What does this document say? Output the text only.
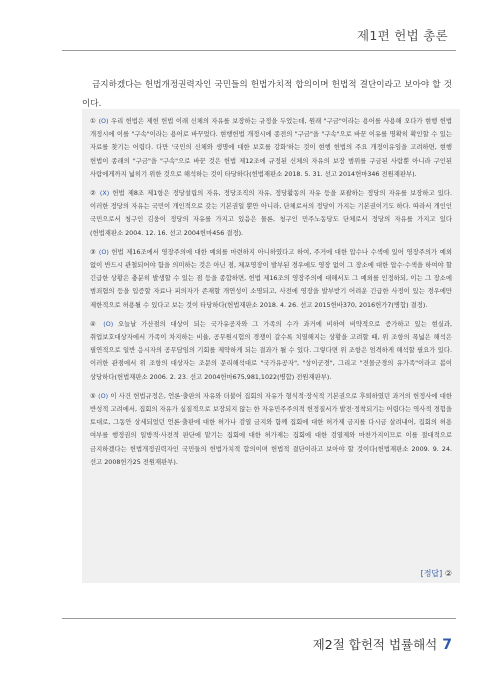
제1편 헌법 총론

금지하겠다는 헌법개정권력자인 국민들의 헌법가치적 합의이며 헌법적 결단이라고 보아야 할 것이다.

① (O) 우리 헌법은 제헌 헌법 이래 신체의 자유를 보장하는 규정을 두었는데, 원래 "구금"이라는 용어를 사용해 오다가 현행 헌법 개정시에 이를 "구속"이라는 용어로 바꾸었다. 현행헌법 개정시에 종전의 "구금"을 "구속"으로 바꾼 이유를 명확히 확인할 수 있는 자료를 찾기는 어렵다. 다만 '국민의 신체와 생명에 대한 보호를 강화'하는 것이 현행 헌법의 주요 개정이유임을 고려하면, 현행 헌법이 종래의 "구금"을 "구속"으로 바꾼 것은 헌법 제12조에 규정된 신체의 자유의 보장 범위를 구금된 사람뿐 아니라 구인된 사람에게까지 넓히기 위한 것으로 해석하는 것이 타당하다(헌법재판소 2018. 5. 31. 선고 2014헌마346 전원재판부).

② (X) 헌법 제8조 제1항은 정당설립의 자유, 정당조직의 자유, 정당활동의 자유 등을 포괄하는 정당의 자유를 보장하고 있다. 이러한 정당의 자유는 국민이 개인적으로 갖는 기본권일 뿐만 아니라, 단체로서의 정당이 가지는 기본권이기도 하다. 따라서 개인인 국민으로서 청구인 김웅이 정당의 자유를 가지고 있음은 물론, 청구인 민주노동당도 단체로서 정당의 자유를 가지고 있다(헌법재판소 2004. 12. 16. 선고 2004헌마456 결정).

③ (O) 헌법 제16조에서 영장주의에 대한 예외를 마련하지 아니하였다고 하여, 주거에 대한 압수나 수색에 있어 영장주의가 예외 없이 반드시 관철되어야 함을 의미하는 것은 아닌 점, 체포영장이 발부된 경우에도 영장 없이 그 장소에 대한 압수·수색을 하여야 할 긴급한 상황은 충분히 발생할 수 있는 점 등을 종합하면, 헌법 제16조의 영장주의에 대해서도 그 예외를 인정하되, 이는 그 장소에 범죄혐의 등을 입증할 자료나 피의자가 존재할 개연성이 소명되고, 사전에 영장을 발부받기 어려운 긴급한 사정이 있는 경우에만 제한적으로 허용될 수 있다고 보는 것이 타당하다(헌법재판소 2018. 4. 26. 선고 2015헌바370, 2016헌가7(병합) 결정).

④ (O) 오늘날 가산점의 대상이 되는 국가유공자와 그 가족의 수가 과거에 비하여 비약적으로 증가하고 있는 현실과, 취업보호대상자에서 가족이 차지하는 비율, 공무원시험의 경쟁이 갈수록 치열해지는 상황을 고려할 때, 위 조항의 폭넓은 해석은 필연적으로 일반 응시자의 공무담임의 기회를 제약하게 되는 결과가 될 수 있다. 그렇다면 위 조항은 엄격하게 해석할 필요가 있다. 이러한 관점에서 위 조항의 대상자는 조문의 문리해석대로 "국가유공자", "상이군경", 그리고 "전몰군경의 유가족"이라고 봄이 상당하다(헌법재판소 2006. 2. 23. 선고 2004헌마675,981,1022(병합) 전원재판부).

⑤ (O) 이 사건 헌법규정은, 언론·출판의 자유와 더불어 집회의 자유가 형식적·장식적 기본권으로 후퇴하였던 과거의 헌정사에 대한 반성적 고려에서, 집회의 자유가 실질적으로 보장되지 않는 한 자유민주주의적 헌정질서가 발전·정착되기는 어렵다는 역사적 경험을 토대로, 그동안 상세되었던 언론·출판에 대한 허가나 검열 금지와 함께 집회에 대한 허가제 금지를 다시금 살려내어, 집회의 허용 여부를 행정권의 일방적·사전적 판단에 맡기는 집회에 대한 허가제는 집회에 대한 검열제와 마찬가지이므로 이를 절대적으로 금지하겠다는 헌법개정권력자인 국민들의 헌법가치적 합의이며 헌법적 결단이라고 보아야 할 것이다(헌법재판소 2009. 9. 24. 선고 2008헌가25 전원재판부).

[정답] ②
제2절 합헌적 법률해석 7
